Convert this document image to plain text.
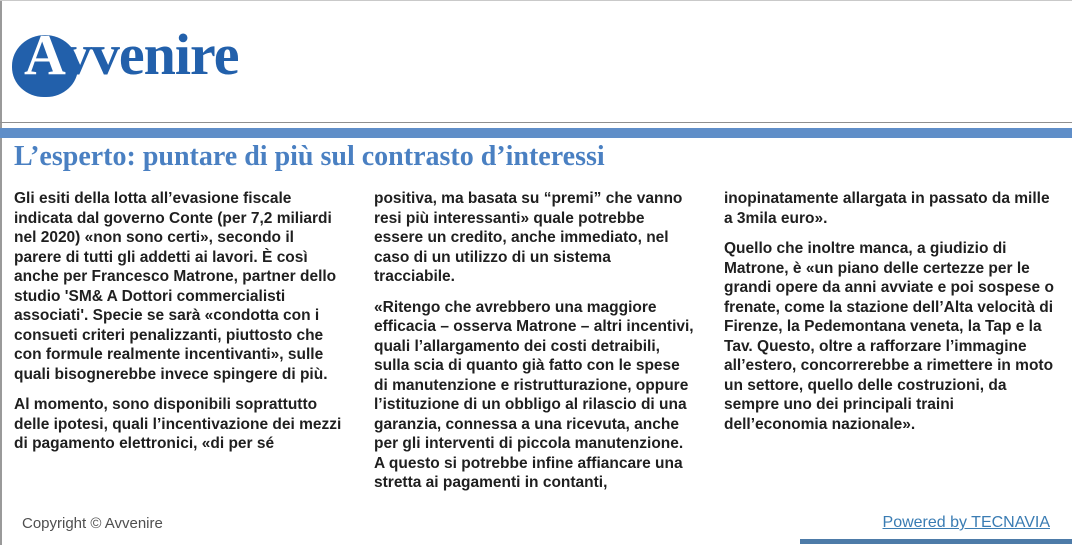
Avvenire
L’esperto: puntare di più sul contrasto d’interessi

Gli esiti della lotta all’evasione fiscale indicata dal governo Conte (per 7,2 miliardi nel 2020) «non sono certi», secondo il parere di tutti gli addetti ai lavori. È così anche per Francesco Matrone, partner dello studio 'SM& A Dottori commercialisti associati'. Specie se sarà «condotta con i consueti criteri penalizzanti, piuttosto che con formule realmente incentivanti», sulle quali bisognerebbe invece spingere di più.

Al momento, sono disponibili soprattutto delle ipotesi, quali l’incentivazione dei mezzi di pagamento elettronici, «di per sé

positiva, ma basata su “premi” che vanno resi più interessanti» quale potrebbe essere un credito, anche immediato, nel caso di un utilizzo di un sistema tracciabile.

«Ritengo che avrebbero una maggiore efficacia – osserva Matrone – altri incentivi, quali l’allargamento dei costi detraibili, sulla scia di quanto già fatto con le spese di manutenzione e ristrutturazione, oppure l’istituzione di un obbligo al rilascio di una garanzia, connessa a una ricevuta, anche per gli interventi di piccola manutenzione. A questo si potrebbe infine affiancare una stretta ai pagamenti in contanti,

inopinatamente allargata in passato da mille a 3mila euro».

Quello che inoltre manca, a giudizio di Matrone, è «un piano delle certezze per le grandi opere da anni avviate e poi sospese o frenate, come la stazione dell’Alta velocità di Firenze, la Pedemontana veneta, la Tap e la Tav. Questo, oltre a rafforzare l’immagine all’estero, concorrerebbe a rimettere in moto un settore, quello delle costruzioni, da sempre uno dei principali traini dell’economia nazionale».

Copyright © Avvenire	Powered by TECNAVIA
